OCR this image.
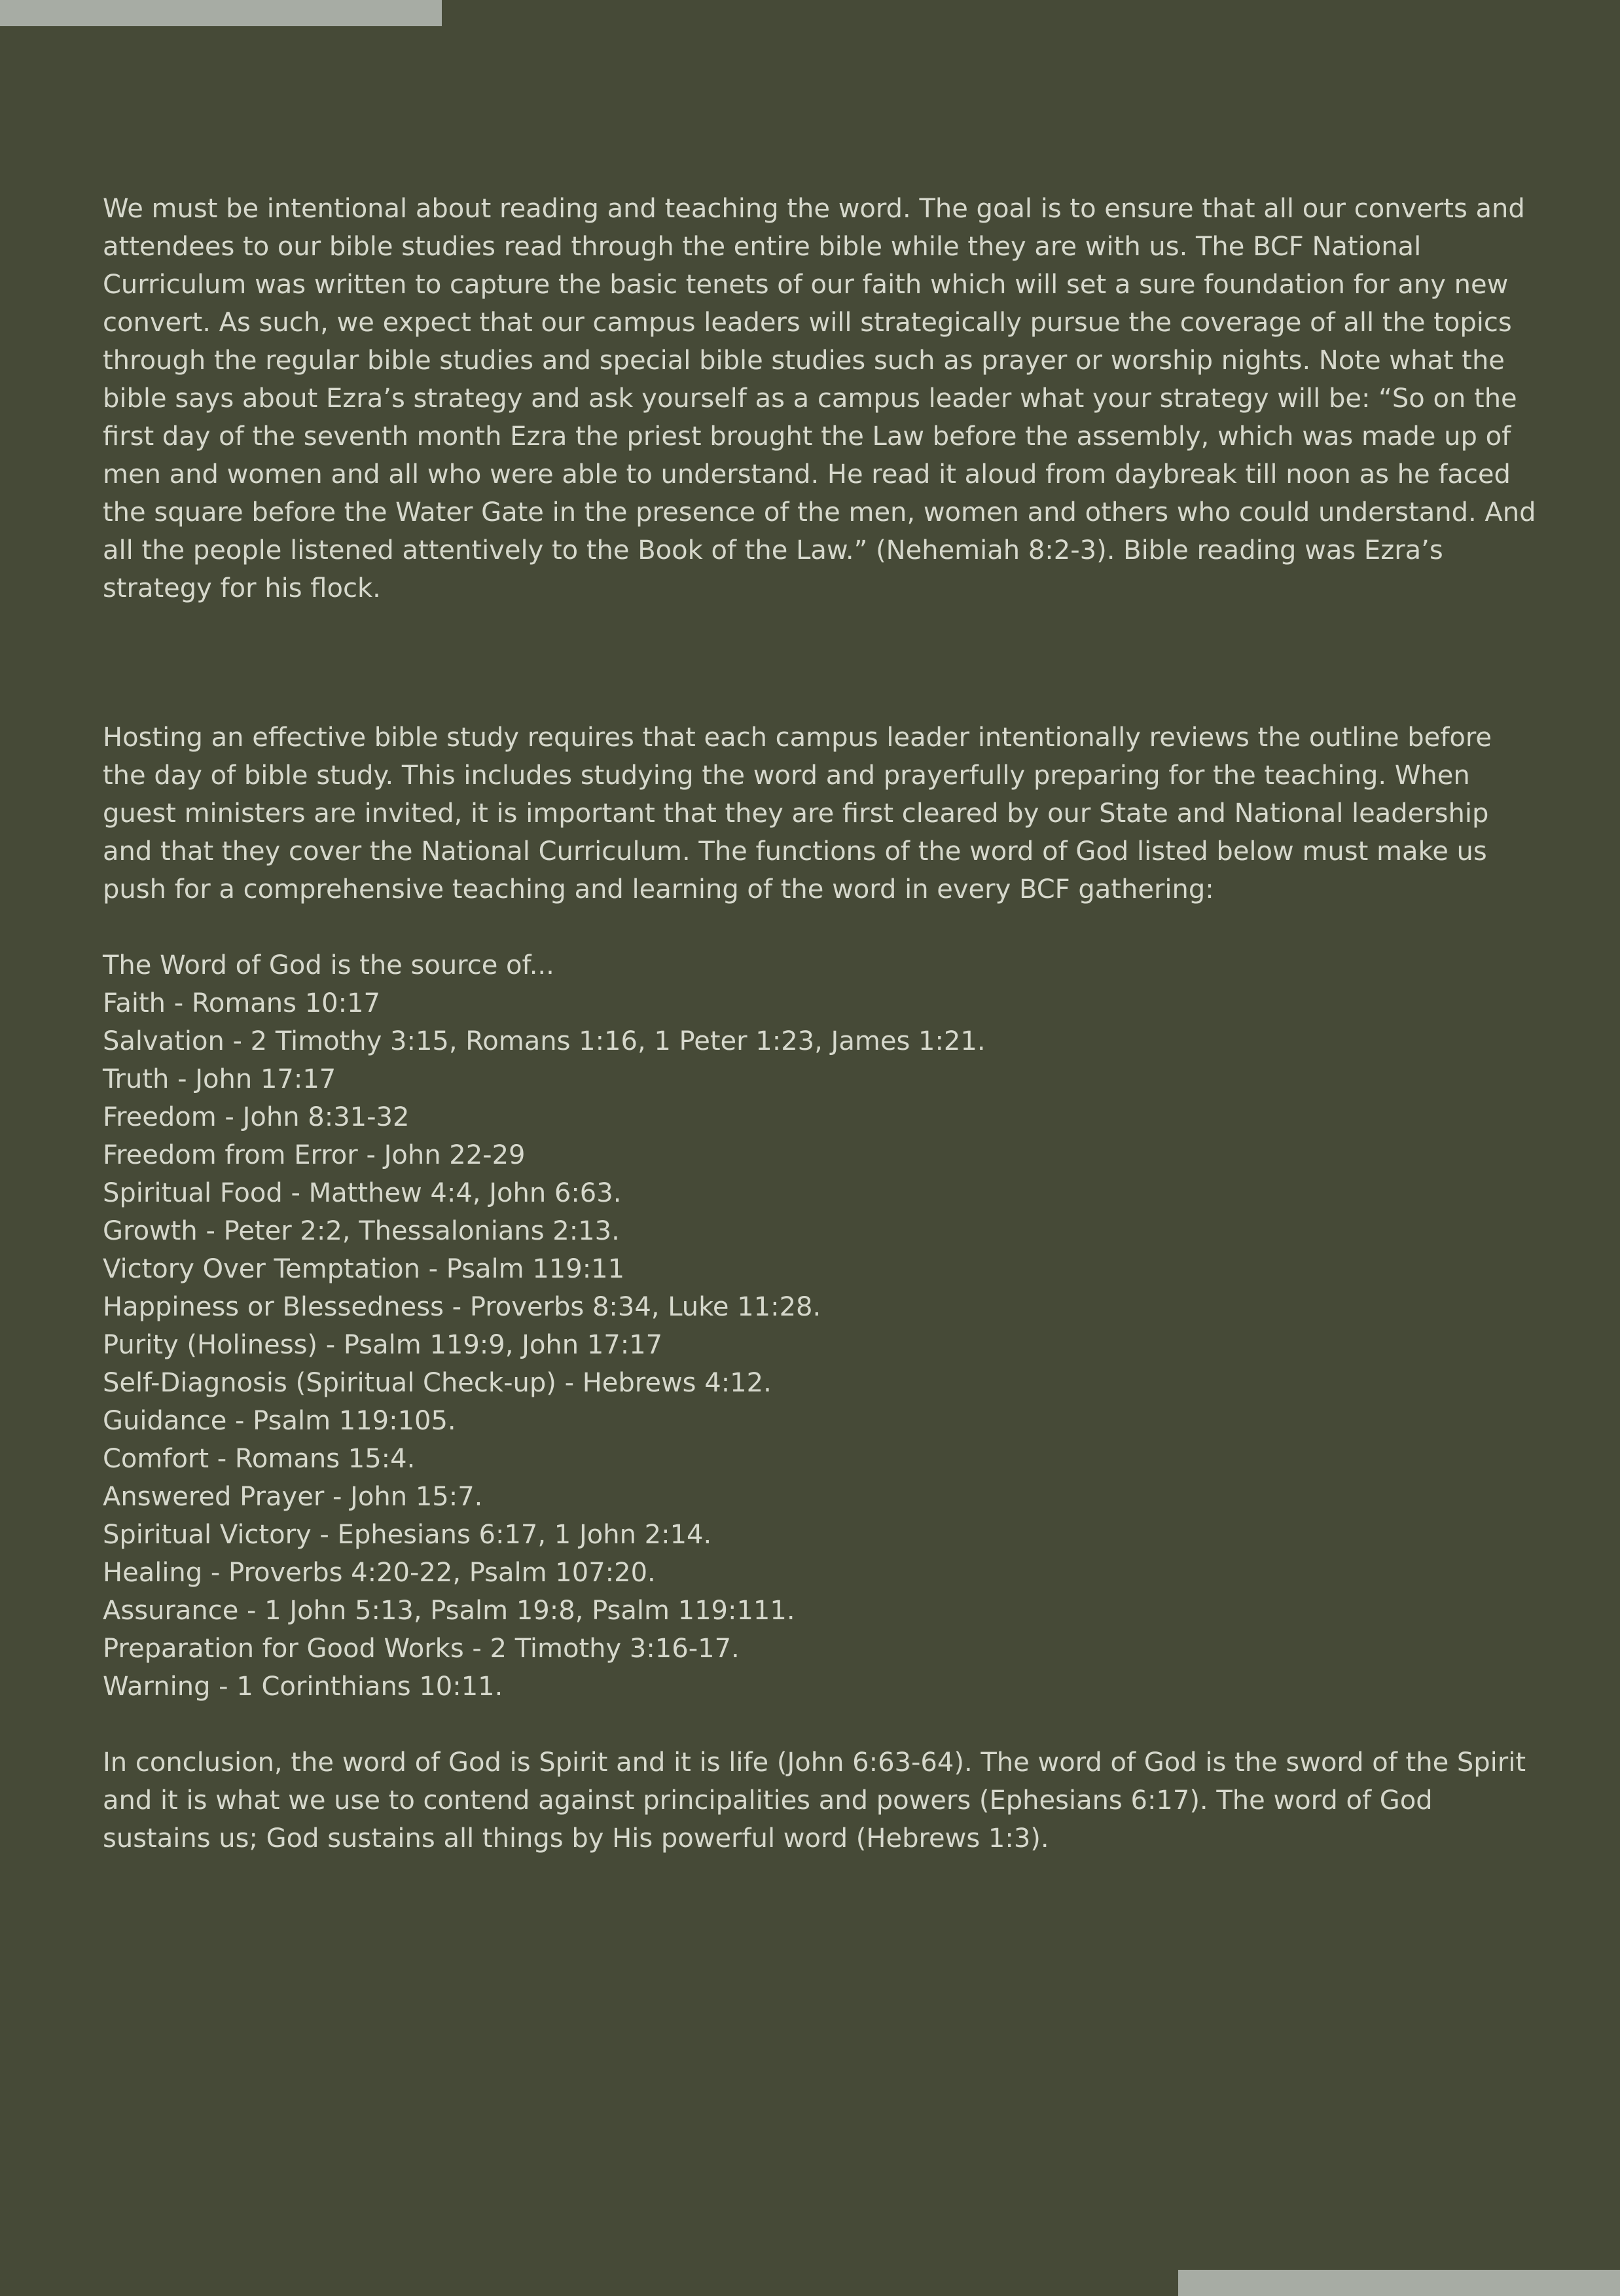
We must be intentional about reading and teaching the word. The goal is to ensure that all our converts and attendees to our bible studies read through the entire bible while they are with us. The BCF National Curriculum was written to capture the basic tenets of our faith which will set a sure foundation for any new convert. As such, we expect that our campus leaders will strategically pursue the coverage of all the topics through the regular bible studies and special bible studies such as prayer or worship nights. Note what the bible says about Ezra’s strategy and ask yourself as a campus leader what your strategy will be: “So on the first day of the seventh month Ezra the priest brought the Law before the assembly, which was made up of men and women and all who were able to understand. He read it aloud from daybreak till noon as he faced the square before the Water Gate in the presence of the men, women and others who could understand. And all the people listened attentively to the Book of the Law.” (Nehemiah 8:2-3). Bible reading was Ezra’s strategy for his flock.

Hosting an effective bible study requires that each campus leader intentionally reviews the outline before the day of bible study. This includes studying the word and prayerfully preparing for the teaching. When guest ministers are invited, it is important that they are first cleared by our State and National leadership and that they cover the National Curriculum. The functions of the word of God listed below must make us push for a comprehensive teaching and learning of the word in every BCF gathering:

The Word of God is the source of...

Faith - Romans 10:17
Salvation - 2 Timothy 3:15, Romans 1:16, 1 Peter 1:23, James 1:21.
Truth - John 17:17
Freedom - John 8:31-32
Freedom from Error - John 22-29
Spiritual Food - Matthew 4:4, John 6:63.
Growth - Peter 2:2, Thessalonians 2:13.
Victory Over Temptation - Psalm 119:11
Happiness or Blessedness - Proverbs 8:34, Luke 11:28.
Purity (Holiness) - Psalm 119:9, John 17:17
Self-Diagnosis (Spiritual Check-up) - Hebrews 4:12.
Guidance - Psalm 119:105.
Comfort - Romans 15:4.
Answered Prayer - John 15:7.
Spiritual Victory - Ephesians 6:17, 1 John 2:14.
Healing - Proverbs 4:20-22, Psalm 107:20.
Assurance - 1 John 5:13, Psalm 19:8, Psalm 119:111.
Preparation for Good Works - 2 Timothy 3:16-17.
Warning - 1 Corinthians 10:11.

In conclusion, the word of God is Spirit and it is life (John 6:63-64). The word of God is the sword of the Spirit and it is what we use to contend against principalities and powers (Ephesians 6:17). The word of God sustains us; God sustains all things by His powerful word (Hebrews 1:3).
